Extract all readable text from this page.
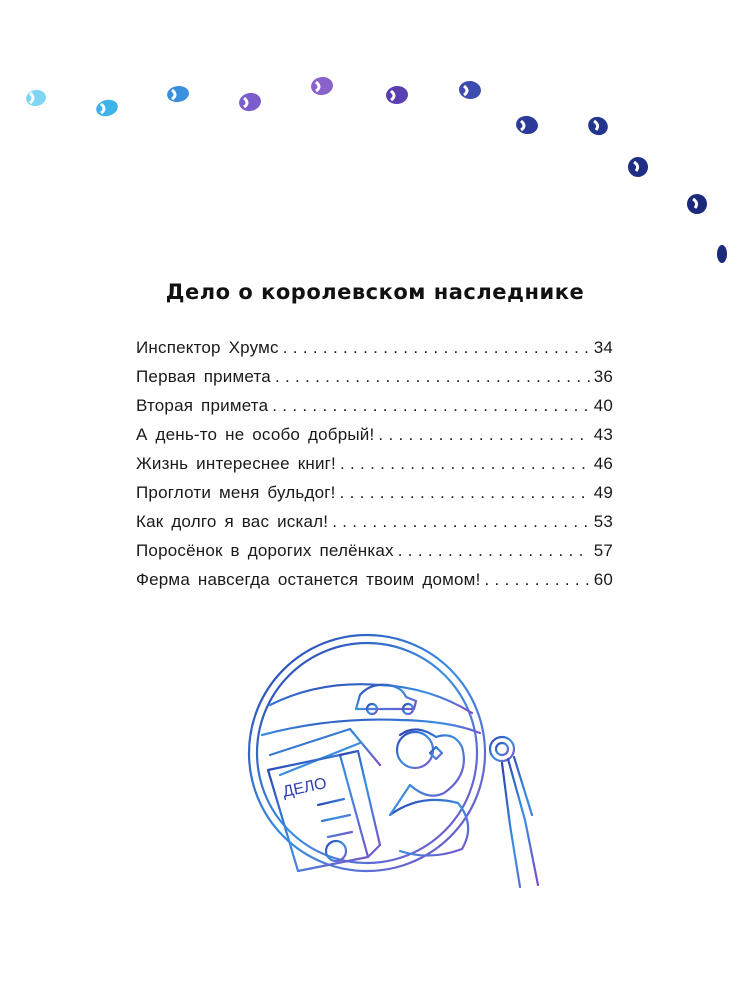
Дело о королевском наследнике
Инспектор Хрумс . . .	34
Первая примета . . .	36
Вторая примета . . .	40
А день-то не особо добрый! . . .	43
Жизнь интереснее книг! . . .	46
Проглоти меня бульдог! . . .	49
Как долго я вас искал! . . .	53
Поросёнок в дорогих пелёнках . . .	57
Ферма навсегда останется твоим домом! . . .	60
ДЕЛО
